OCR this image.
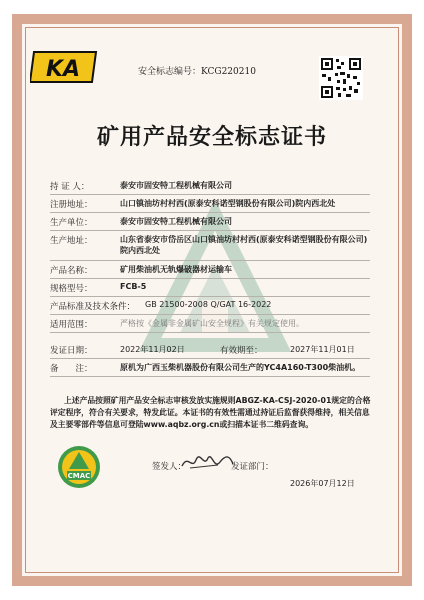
KA	安全标志编号：KCG220210
矿用产品安全标志证书
持 证 人：	泰安市固安特工程机械有限公司
注册地址：	山口镇油坊村村西(原泰安科诺型钢股份有限公司)院内西北处
生产单位：	泰安市固安特工程机械有限公司
生产地址：	山东省泰安市岱岳区山口镇油坊村村西(原泰安科诺型钢股份有限公司)院内西北处
产品名称：	矿用柴油机无轨爆破器材运输车
规格型号：	FCB-5
产品标准及技术条件： GB 21500-2008 Q/GAT 16-2022
适用范围：	严格按《金属非金属矿山安全规程》有关规定使用。
发证日期：	2022年11月02日	有效期至：	2027年11月01日
备　　注：	原机为广西玉柴机器股份有限公司生产的YC4A160-T300柴油机。
上述产品按照矿用产品安全标志审核发放实施规则ABGZ-KA-CSJ-2020-01规定的合格评定程序，符合有关要求，特发此证。本证书的有效性需通过持证后监督获得维持，相关信息及主要零部件等信息可登陆www.aqbz.org.cn或扫描本证书二维码查询。
CMAC
签发人：	发证部门：
2026年07月12日
